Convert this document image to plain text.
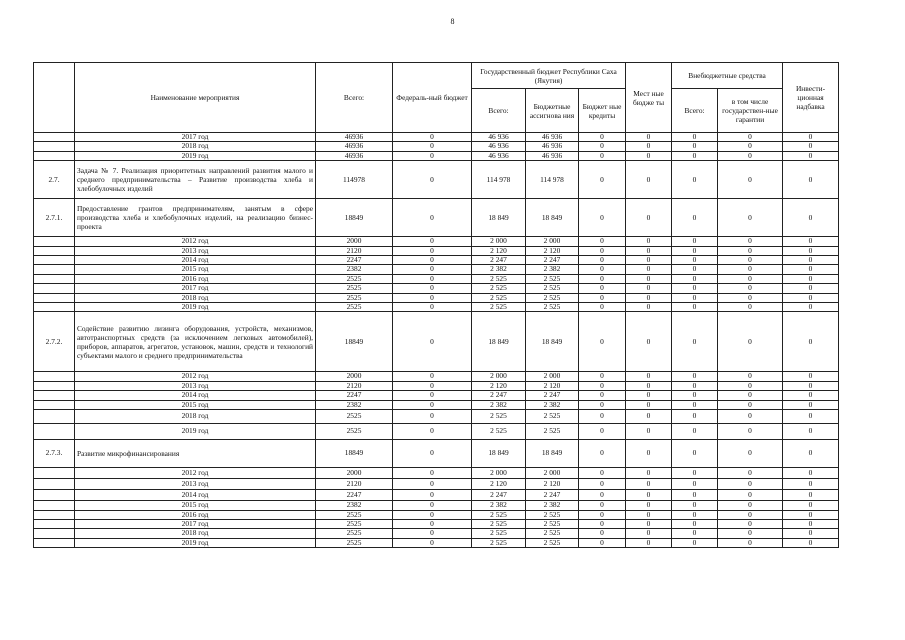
8
	Наименование мероприятия	Всего:	Федераль-ный бюджет	Государственный бюджет Республики Саха (Якутия)			Мест ные бюдже ты	Внебюджетные средства		Инвести-ционная надбавка
				Всего:	Бюджетные ассигнова ния	Бюджет ные кредиты		Всего:	в том числе государствен-ные гарантии	
	2017 год	46936	0	46 936	46 936	0	0	0	0	0
	2018 год	46936	0	46 936	46 936	0	0	0	0	0
	2019 год	46936	0	46 936	46 936	0	0	0	0	0
2.7.	Задача № 7. Реализация приоритетных направлений развития малого и среднего предпринимательства – Развитие производства хлеба и хлебобулочных изделий	114978	0	114 978	114 978	0	0	0	0	0
2.7.1.	Предоставление грантов предпринимателям, занятым в сфере производства хлеба и хлебобулочных изделий, на реализацию бизнес-проекта	18849	0	18 849	18 849	0	0	0	0	0
	2012 год	2000	0	2 000	2 000	0	0	0	0	0
	2013 год	2120	0	2 120	2 120	0	0	0	0	0
	2014 год	2247	0	2 247	2 247	0	0	0	0	0
	2015 год	2382	0	2 382	2 382	0	0	0	0	0
	2016 год	2525	0	2 525	2 525	0	0	0	0	0
	2017 год	2525	0	2 525	2 525	0	0	0	0	0
	2018 год	2525	0	2 525	2 525	0	0	0	0	0
	2019 год	2525	0	2 525	2 525	0	0	0	0	0
2.7.2.	Содействие развитию лизинга оборудования, устройств, механизмов, автотранспортных средств (за исключением легковых автомобилей), приборов, аппаратов, агрегатов, установок, машин, средств и технологий субъектами малого и среднего предпринимательства	18849	0	18 849	18 849	0	0	0	0	0
	2012 год	2000	0	2 000	2 000	0	0	0	0	0
	2013 год	2120	0	2 120	2 120	0	0	0	0	0
	2014 год	2247	0	2 247	2 247	0	0	0	0	0
	2015 год	2382	0	2 382	2 382	0	0	0	0	0
	2018 год	2525	0	2 525	2 525	0	0	0	0	0
	2019 год	2525	0	2 525	2 525	0	0	0	0	0
2.7.3.	Развитие микрофинансирования	18849	0	18 849	18 849	0	0	0	0	0
	2012 год	2000	0	2 000	2 000	0	0	0	0	0
	2013 год	2120	0	2 120	2 120	0	0	0	0	0
	2014 год	2247	0	2 247	2 247	0	0	0	0	0
	2015 год	2382	0	2 382	2 382	0	0	0	0	0
	2016 год	2525	0	2 525	2 525	0	0	0	0	0
	2017 год	2525	0	2 525	2 525	0	0	0	0	0
	2018 год	2525	0	2 525	2 525	0	0	0	0	0
	2019 год	2525	0	2 525	2 525	0	0	0	0	0
